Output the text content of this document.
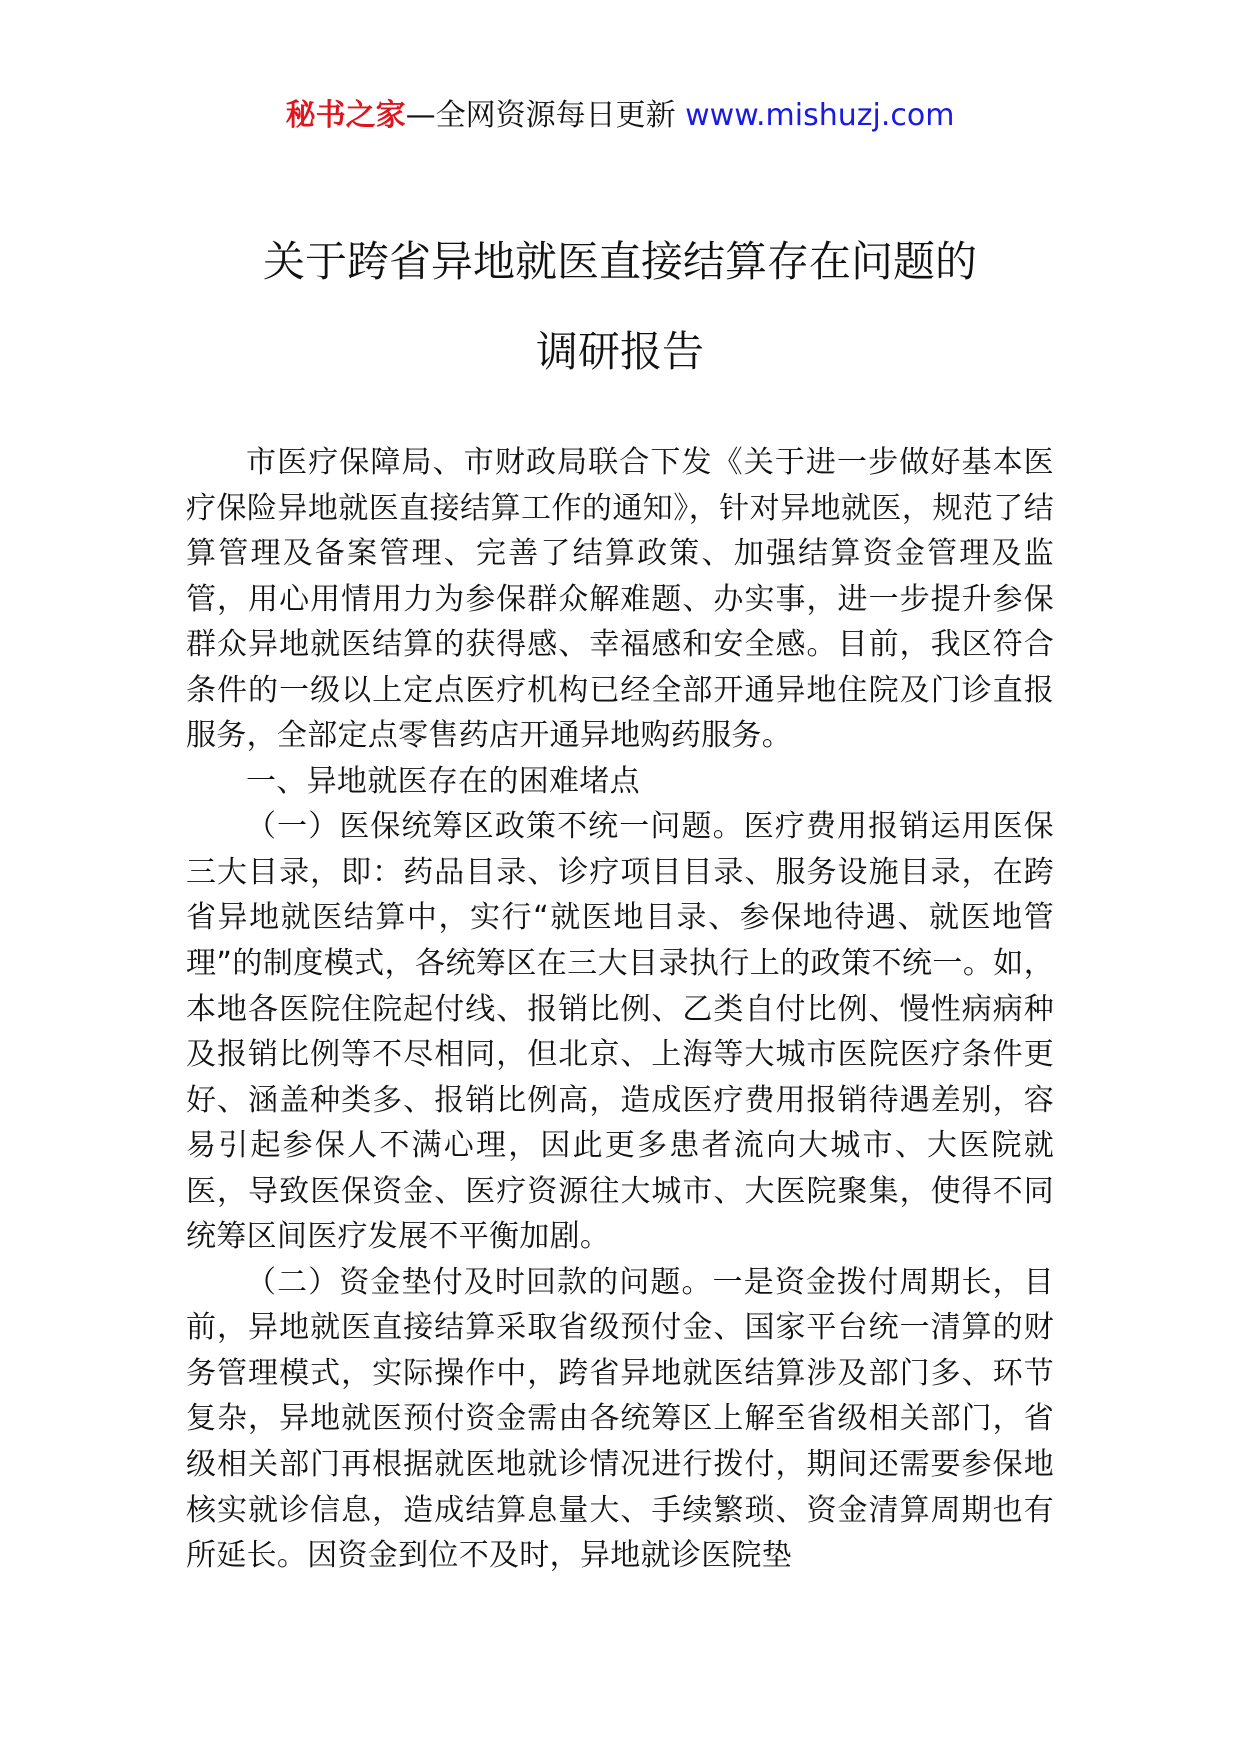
秘书之家—全网资源每日更新 www.mishuzj.com
关于跨省异地就医直接结算存在问题的
调研报告

市医疗保障局、市财政局联合下发《关于进一步做好基本医疗保险异地就医直接结算工作的通知》，针对异地就医，规范了结算管理及备案管理、完善了结算政策、加强结算资金管理及监管，用心用情用力为参保群众解难题、办实事，进一步提升参保群众异地就医结算的获得感、幸福感和安全感。目前，我区符合条件的一级以上定点医疗机构已经全部开通异地住院及门诊直报服务，全部定点零售药店开通异地购药服务。

一、异地就医存在的困难堵点

（一）医保统筹区政策不统一问题。医疗费用报销运用医保三大目录，即：药品目录、诊疗项目目录、服务设施目录，在跨省异地就医结算中，实行“就医地目录、参保地待遇、就医地管理”的制度模式，各统筹区在三大目录执行上的政策不统一。如，本地各医院住院起付线、报销比例、乙类自付比例、慢性病病种及报销比例等不尽相同，但北京、上海等大城市医院医疗条件更好、涵盖种类多、报销比例高，造成医疗费用报销待遇差别，容易引起参保人不满心理，因此更多患者流向大城市、大医院就医，导致医保资金、医疗资源往大城市、大医院聚集，使得不同统筹区间医疗发展不平衡加剧。

（二）资金垫付及时回款的问题。一是资金拨付周期长，目前，异地就医直接结算采取省级预付金、国家平台统一清算的财务管理模式，实际操作中，跨省异地就医结算涉及部门多、环节复杂，异地就医预付资金需由各统筹区上解至省级相关部门，省级相关部门再根据就医地就诊情况进行拨付，期间还需要参保地核实就诊信息，造成结算息量大、手续繁琐、资金清算周期也有所延长。因资金到位不及时，异地就诊医院垫
